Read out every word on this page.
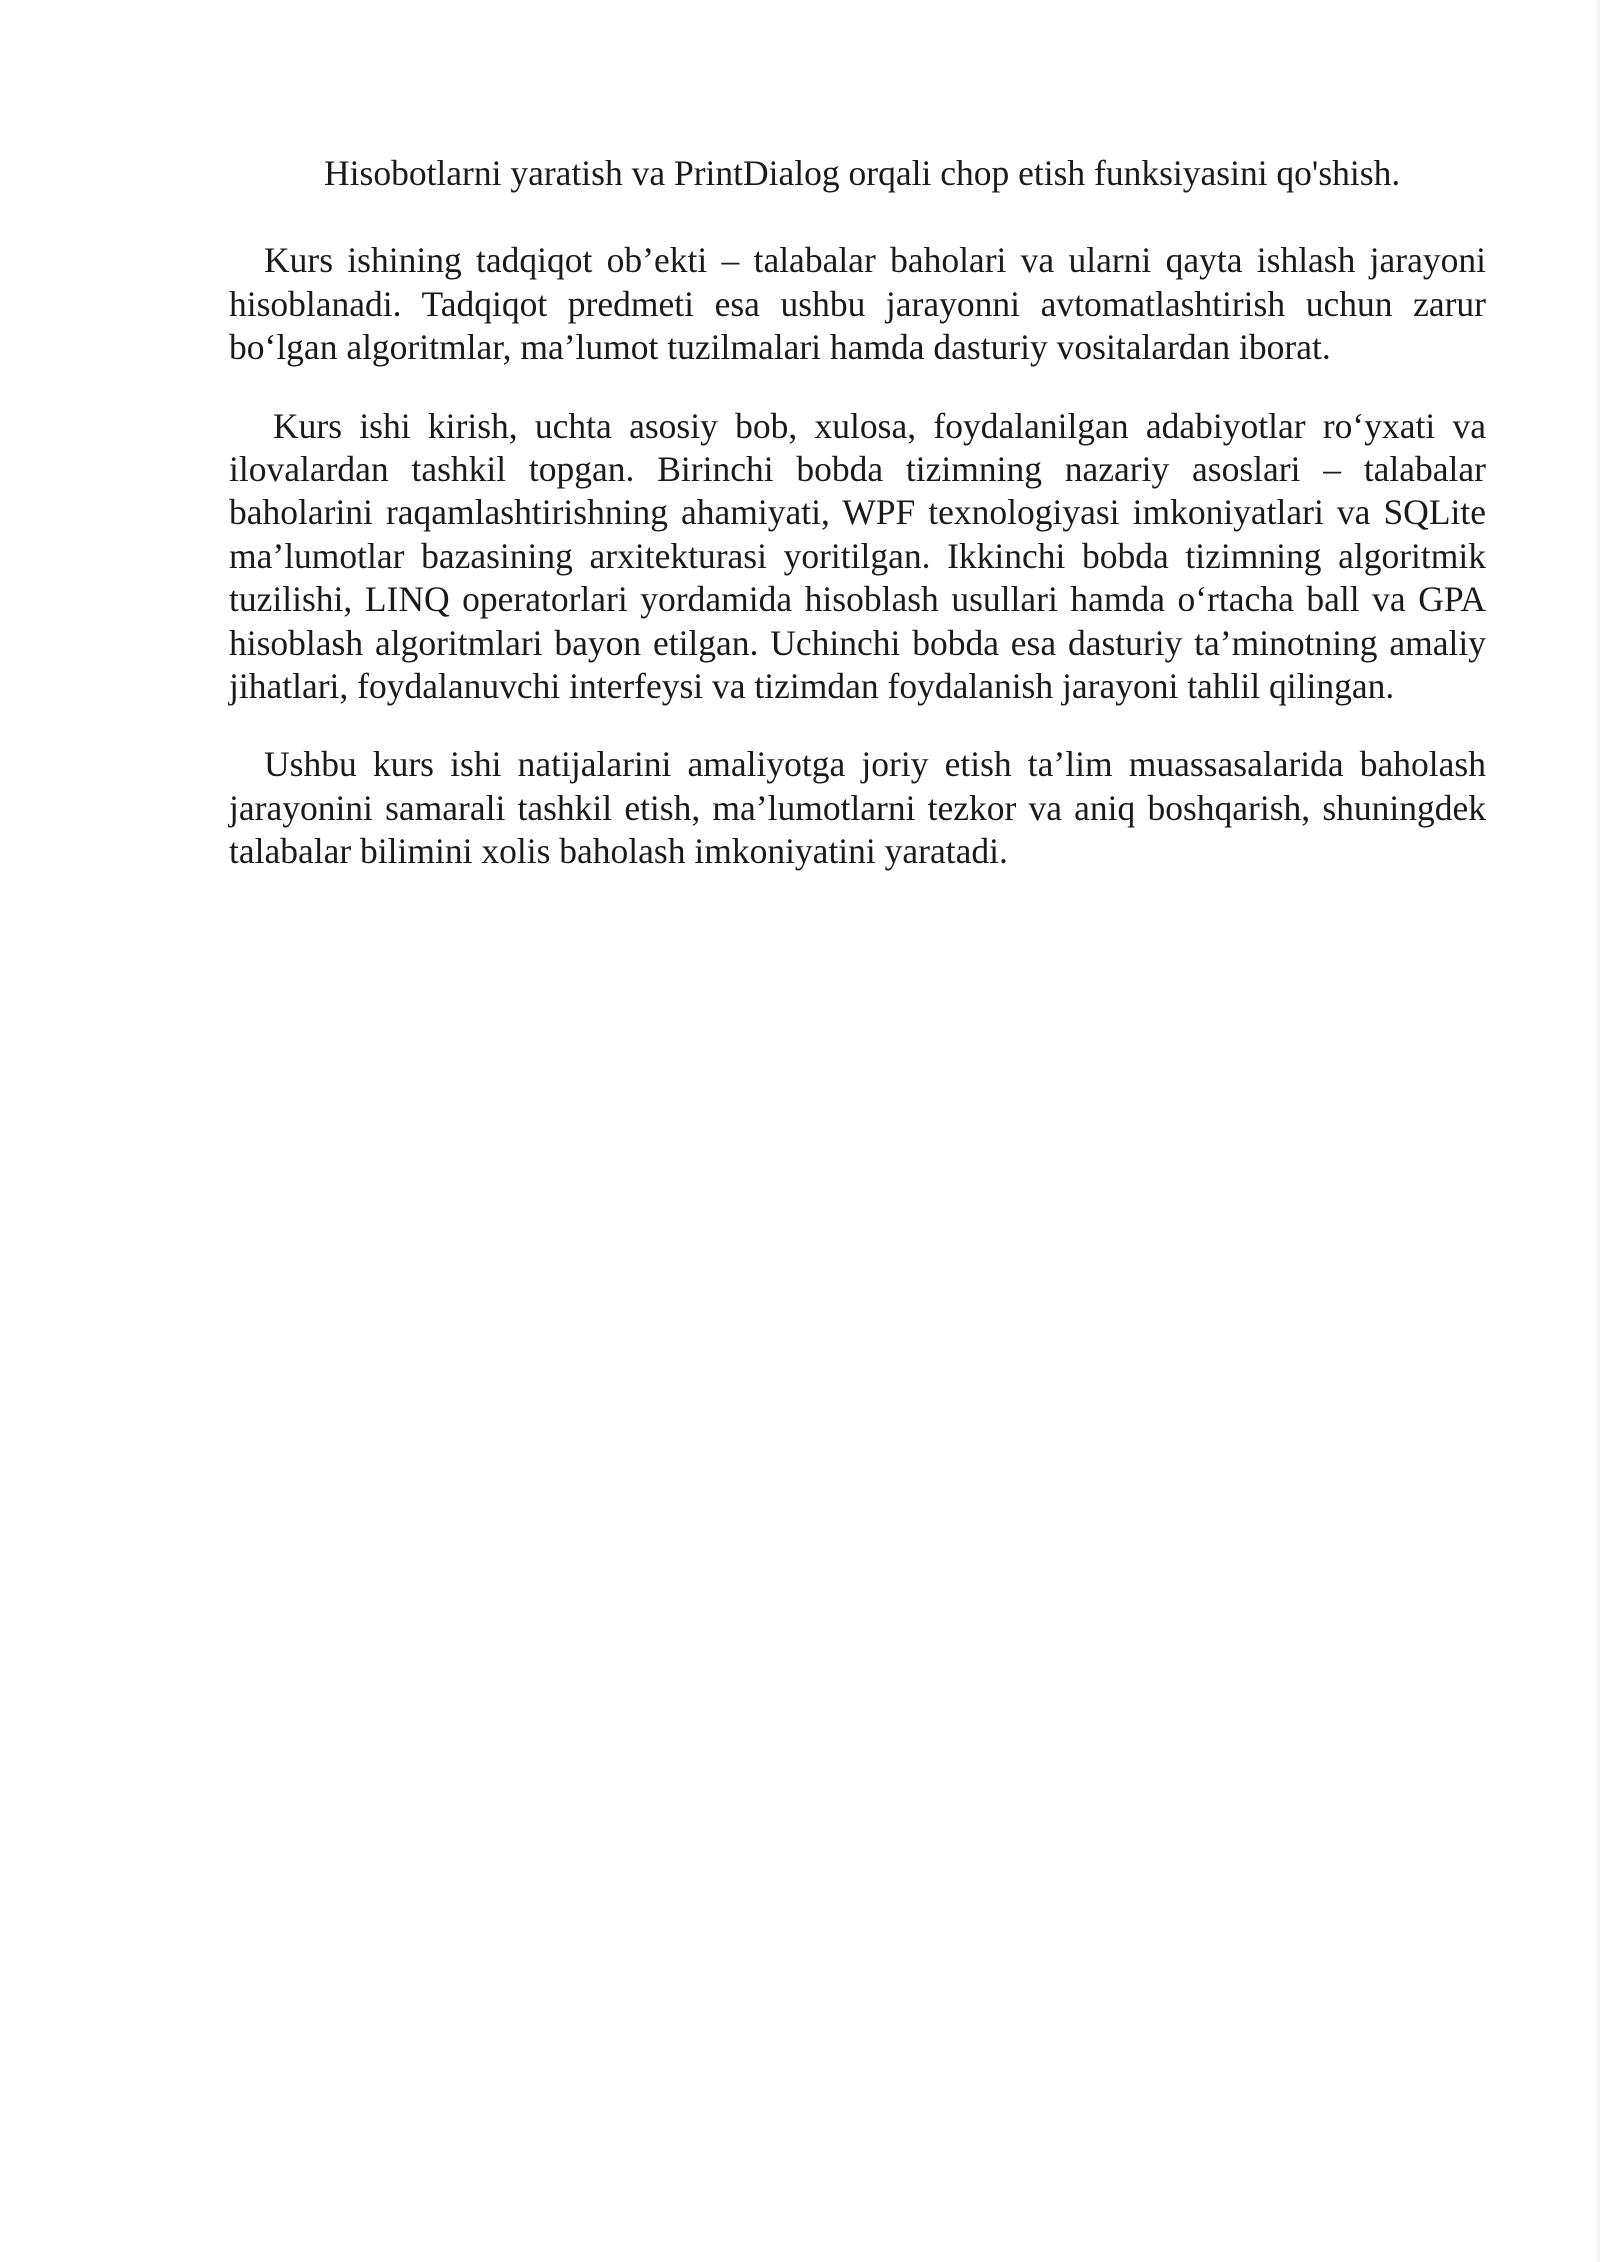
Hisobotlarni yaratish va PrintDialog orqali chop etish funksiyasini qo'shish.

Kurs ishining tadqiqot ob’ekti – talabalar baholari va ularni qayta ishlash jarayoni hisoblanadi. Tadqiqot predmeti esa ushbu jarayonni avtomatlashtirish uchun zarur bo‘lgan algoritmlar, ma’lumot tuzilmalari hamda dasturiy vositalardan iborat.

Kurs ishi kirish, uchta asosiy bob, xulosa, foydalanilgan adabiyotlar ro‘yxati va ilovalardan tashkil topgan. Birinchi bobda tizimning nazariy asoslari – talabalar baholarini raqamlashtirishning ahamiyati, WPF texnologiyasi imkoniyatlari va SQLite ma’lumotlar bazasining arxitekturasi yoritilgan. Ikkinchi bobda tizimning algoritmik tuzilishi, LINQ operatorlari yordamida hisoblash usullari hamda o‘rtacha ball va GPA hisoblash algoritmlari bayon etilgan. Uchinchi bobda esa dasturiy ta’minotning amaliy jihatlari, foydalanuvchi interfeysi va tizimdan foydalanish jarayoni tahlil qilingan.

Ushbu kurs ishi natijalarini amaliyotga joriy etish ta’lim muassasalarida baholash jarayonini samarali tashkil etish, ma’lumotlarni tezkor va aniq boshqarish, shuningdek talabalar bilimini xolis baholash imkoniyatini yaratadi.
